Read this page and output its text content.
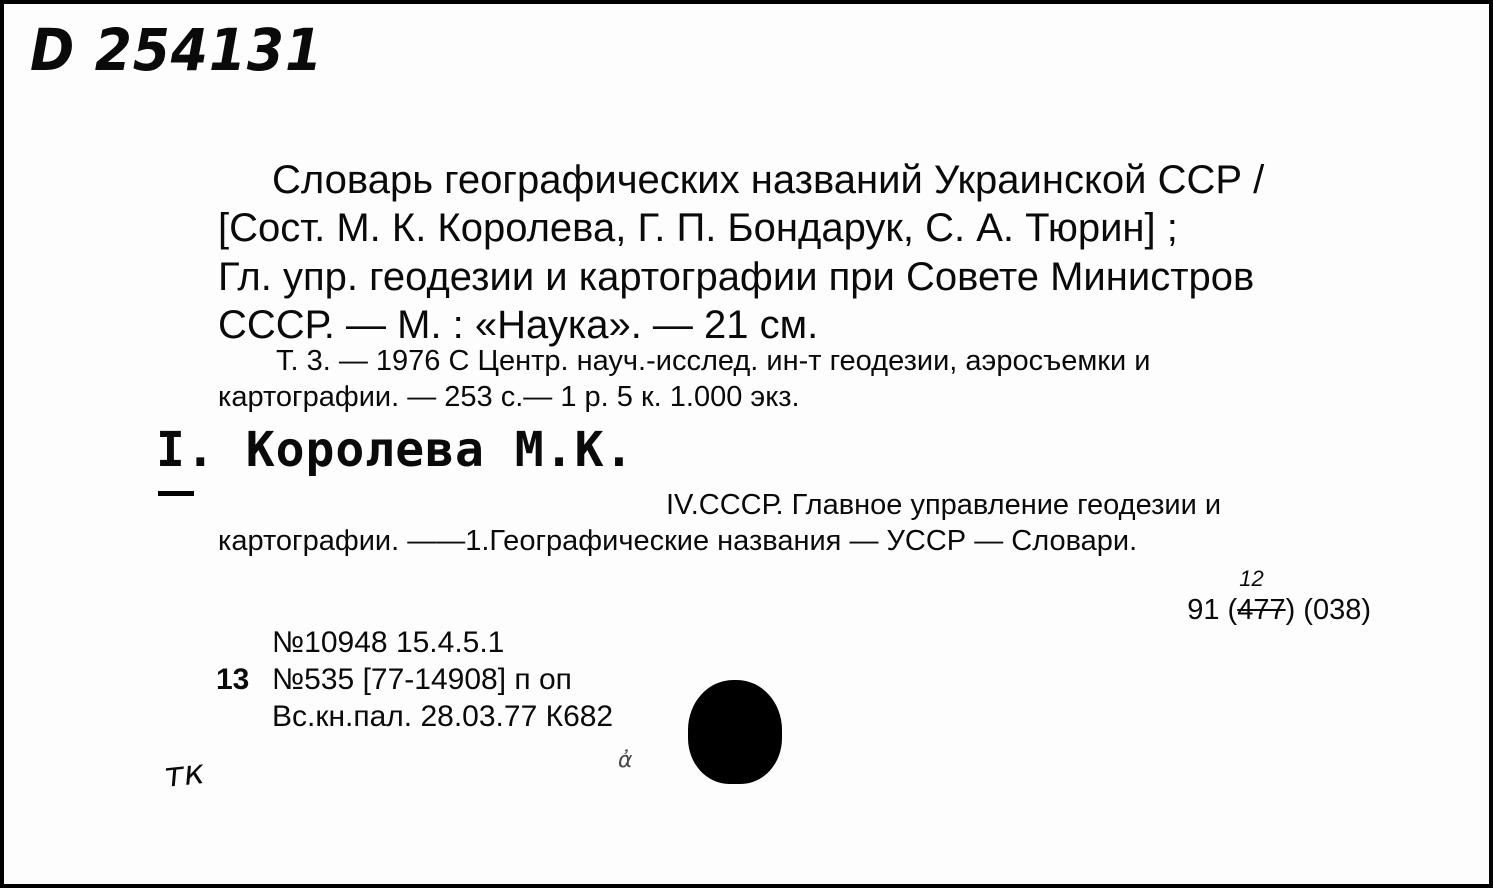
D 254131
Словарь географических названий Украинской ССР /
[Сост. М. К. Королева, Г. П. Бондарук, С. А. Тюрин] ;
Гл. упр. геодезии и картографии при Совете Министров
СССР. — М. : «Наука». — 21 см.
Т. 3. — 1976 С Центр. науч.-исслед. ин-т геодезии, аэросъемки и
картографии. — 253 с.— 1 р. 5 к. 1.000 экз.
I. Королева М.К.
IV.СССР. Главное управление геодезии и
картографии. ——1.Географические названия — УССР — Словари.
12
91 (477) (038)
№10948 15.4.5.1
13 №535 [77-14908] п оп
Вс.кн.пал. 28.03.77 К682
тк	ἀ
